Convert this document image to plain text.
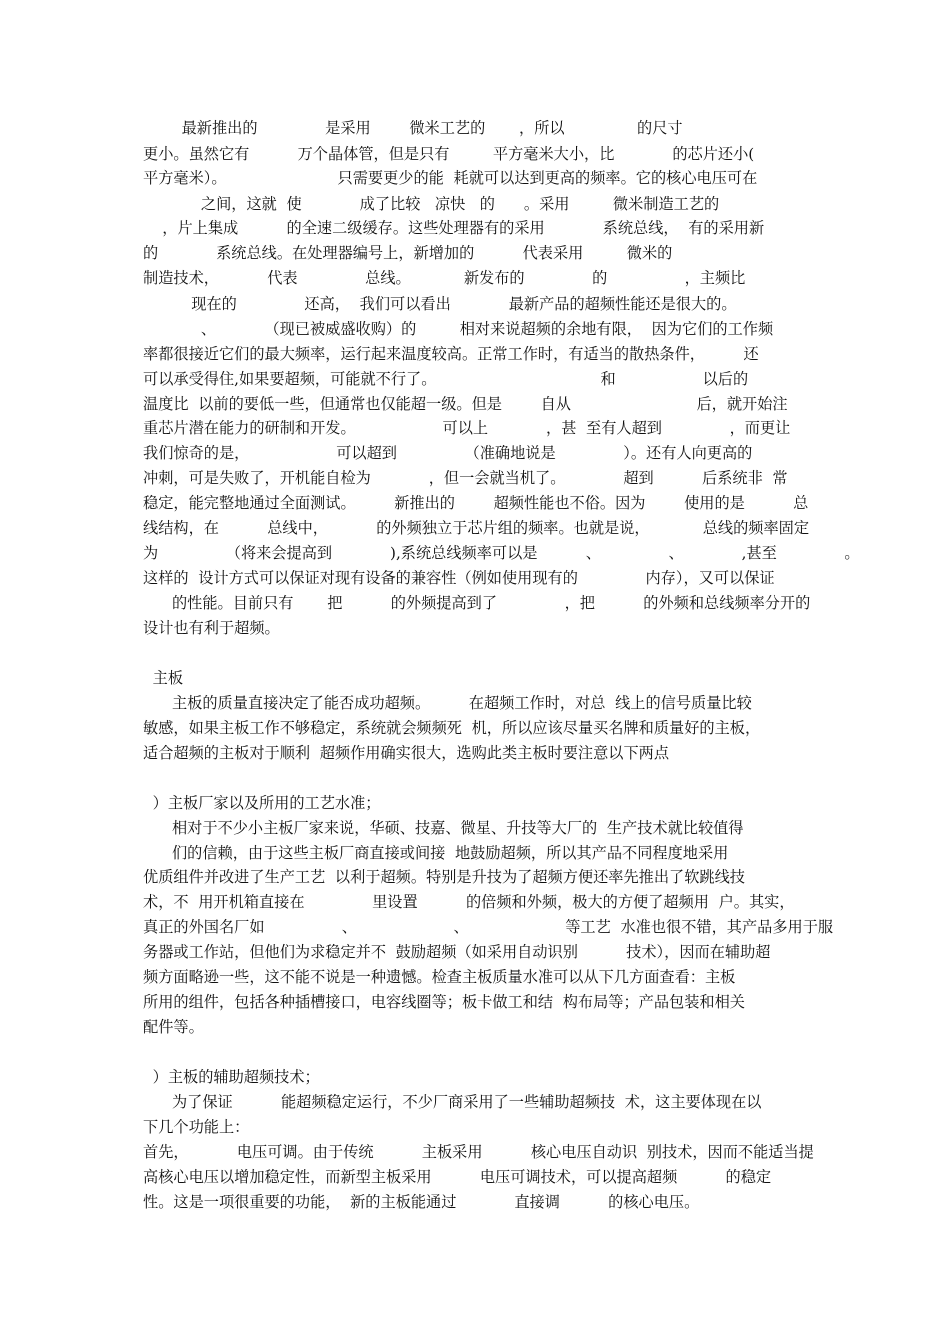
最新推出的              是采用        微米工艺的       ，所以               的尺寸

更小。虽然它有          万个晶体管，但是只有         平方毫米大小，比            的芯片还小(

平方毫米）。                       只需要更少的能  耗就可以达到更高的频率。它的核心电压可在

之间，这就  使            成了比较   凉快   的      。采用         微米制造工艺的

，片上集成          的全速二级缓存。这些处理器有的采用            系统总线，  有的采用新

的            系统总线。在处理器编号上，新增加的          代表采用         微米的

制造技术，          代表              总线。           新发布的              的                ，主频比

现在的              还高，  我们可以看出            最新产品的超频性能还是很大的。

、          （现已被威盛收购）的         相对来说超频的余地有限，  因为它们的工作频

率都很接近它们的最大频率，运行起来温度较高。正常工作时，有适当的散热条件，        还

可以承受得住,如果要超频，可能就不行了。                                  和                  以后的

温度比  以前的要低一些，但通常也仅能超一级。但是        自从                          后，就开始注

重芯片潜在能力的研制和开发。                  可以上            ，甚  至有人超到              ，而更让

我们惊奇的是，                  可以超到              （准确地说是              ）。还有人向更高的

冲刺，可是失败了，开机能自检为            ，但一会就当机了。            超到          后系统非  常

稳定，能完整地通过全面测试。        新推出的        超频性能也不俗。因为        使用的是          总

线结构，在          总线中，          的外频独立于芯片组的频率。也就是说，           总线的频率固定

为              （将来会提高到            ),系统总线频率可以是          、              、            ,甚至              。

这样的  设计方式可以保证对现有设备的兼容性（例如使用现有的              内存），又可以保证

的性能。目前只有       把          的外频提高到了              ，把          的外频和总线频率分开的

设计也有利于超频。

主板

主板的质量直接决定了能否成功超频。        在超频工作时，对总  线上的信号质量比较

敏感，如果主板工作不够稳定，系统就会频频死  机，所以应该尽量买名牌和质量好的主板，

适合超频的主板对于顺利  超频作用确实很大，选购此类主板时要注意以下两点

）主板厂家以及所用的工艺水准；

相对于不少小主板厂家来说，华硕、技嘉、微星、升技等大厂的  生产技术就比较值得

们的信赖，由于这些主板厂商直接或间接  地鼓励超频，所以其产品不同程度地采用

优质组件并改进了生产工艺  以利于超频。特别是升技为了超频方便还率先推出了软跳线技

术，不  用开机箱直接在              里设置          的倍频和外频，极大的方便了超频用  户。其实，

真正的外国名厂如                、                    、                    等工艺  水准也很不错，其产品多用于服

务器或工作站，但他们为求稳定并不  鼓励超频（如采用自动识别          技术），因而在辅助超

频方面略逊一些，这不能不说是一种遗憾。检查主板质量水准可以从下几方面查看：主板

所用的组件，包括各种插槽接口，电容线圈等；板卡做工和结  构布局等；产品包装和相关

配件等。

）主板的辅助超频技术；

为了保证          能超频稳定运行，不少厂商采用了一些辅助超频技  术，这主要体现在以

下几个功能上：

首先，          电压可调。由于传统          主板采用          核心电压自动识  别技术，因而不能适当提

高核心电压以增加稳定性，而新型主板采用          电压可调技术，可以提高超频          的稳定

性。这是一项很重要的功能，  新的主板能通过            直接调          的核心电压。
